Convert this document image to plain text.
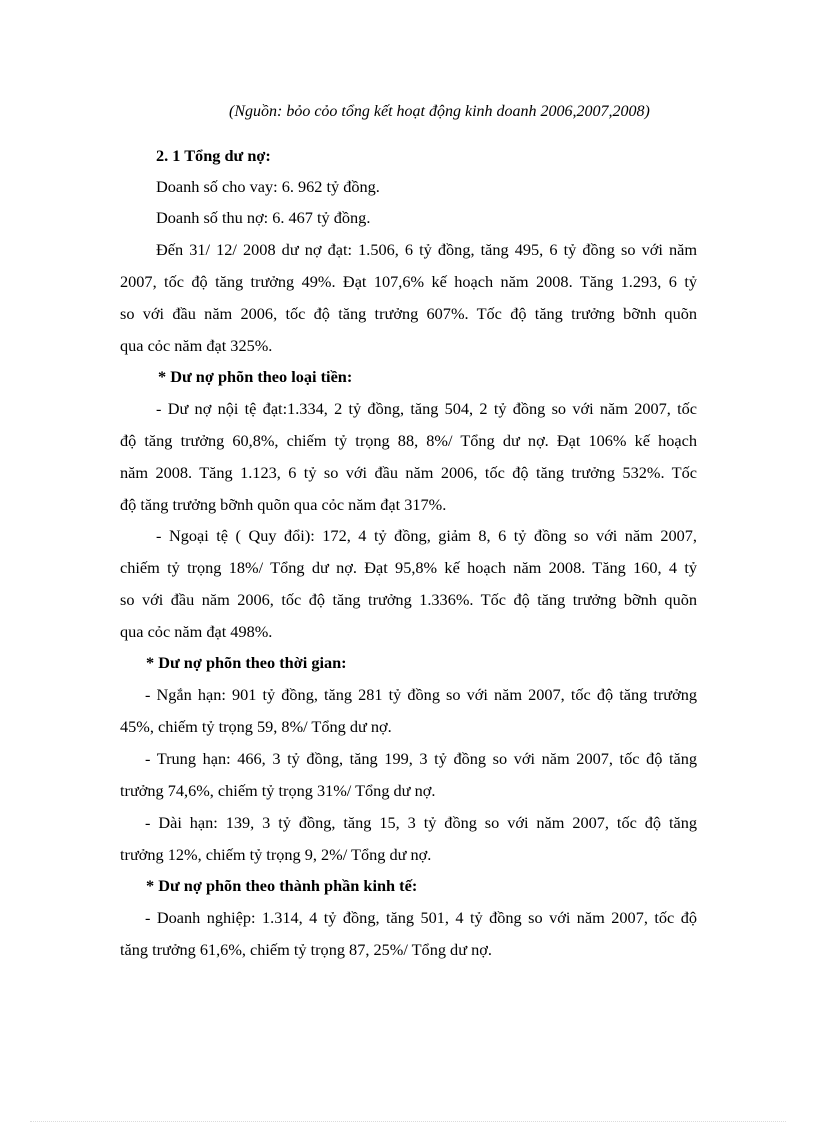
(Nguồn: bỏo cỏo tổng kết hoạt động kinh doanh 2006,2007,2008)
2. 1 Tổng dư nợ:
Doanh số cho vay: 6. 962 tỷ đồng.
Doanh số thu nợ: 6. 467 tỷ đồng.
Đến 31/ 12/ 2008 dư nợ đạt: 1.506, 6 tỷ đồng, tăng 495, 6 tỷ đồng so với năm
2007, tốc độ tăng trưởng 49%. Đạt 107,6% kế hoạch năm 2008. Tăng 1.293, 6 tỷ
so với đầu năm 2006, tốc độ tăng trưởng 607%. Tốc độ tăng trưởng bỡnh quõn
qua cỏc năm đạt 325%.
* Dư nợ phõn theo loại tiền:
- Dư nợ nội tệ đạt:1.334, 2 tỷ đồng, tăng 504, 2 tỷ đồng so với năm 2007, tốc
độ tăng trưởng 60,8%, chiếm tỷ trọng 88, 8%/ Tổng dư nợ. Đạt 106% kế hoạch
năm 2008. Tăng 1.123, 6 tỷ so với đầu năm 2006, tốc độ tăng trưởng 532%. Tốc
độ tăng trưởng bỡnh quõn qua cỏc năm đạt 317%.
- Ngoại tệ ( Quy đổi): 172, 4 tỷ đồng, giảm 8, 6 tỷ đồng so với năm 2007,
chiếm tỷ trọng 18%/ Tổng dư nợ. Đạt 95,8% kế hoạch năm 2008. Tăng 160, 4 tỷ
so với đầu năm 2006, tốc độ tăng trưởng 1.336%. Tốc độ tăng trưởng bỡnh quõn
qua cỏc năm đạt 498%.
* Dư nợ phõn theo thời gian:
- Ngắn hạn: 901 tỷ đồng, tăng 281 tỷ đồng so với năm 2007, tốc độ tăng trưởng
45%, chiếm tỷ trọng 59, 8%/ Tổng dư nợ.
- Trung hạn: 466, 3 tỷ đồng, tăng 199, 3 tỷ đồng so với năm 2007, tốc độ tăng
trưởng 74,6%, chiếm tỷ trọng 31%/ Tổng dư nợ.
- Dài hạn: 139, 3 tỷ đồng, tăng 15, 3 tỷ đồng so với năm 2007, tốc độ tăng
trưởng 12%, chiếm tỷ trọng 9, 2%/ Tổng dư nợ.
* Dư nợ phõn theo thành phần kinh tế:
- Doanh nghiệp: 1.314, 4 tỷ đồng, tăng 501, 4 tỷ đồng so với năm 2007, tốc độ
tăng trưởng 61,6%, chiếm tỷ trọng 87, 25%/ Tổng dư nợ.
